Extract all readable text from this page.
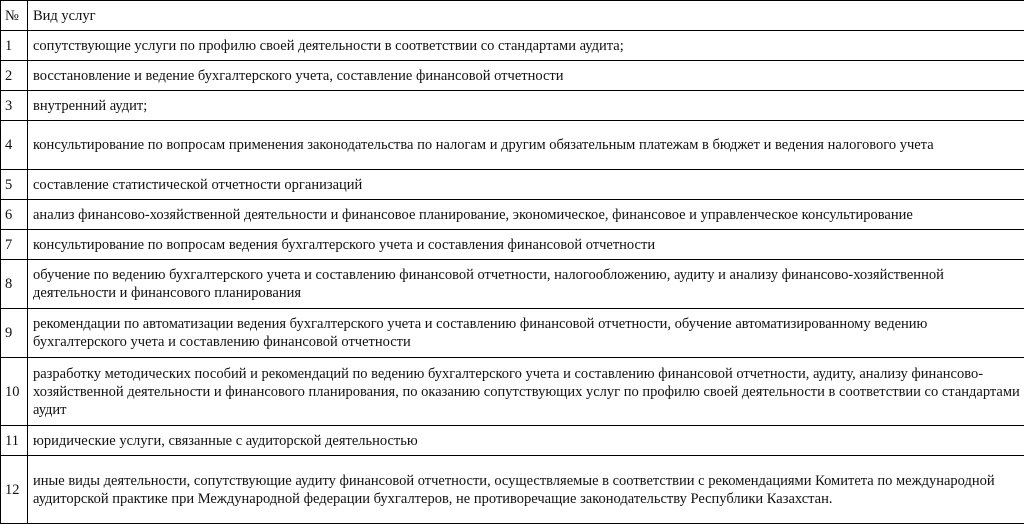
№	Вид услуг
1	сопутствующие услуги по профилю своей деятельности в соответствии со стандартами аудита;
2	восстановление и ведение бухгалтерского учета, составление финансовой отчетности
3	внутренний аудит;
4	консультирование по вопросам применения законодательства по налогам и другим обязательным платежам в бюджет и ведения налогового учета
5	составление статистической отчетности организаций
6	анализ финансово-хозяйственной деятельности и финансовое планирование, экономическое, финансовое и управленческое консультирование
7	консультирование по вопросам ведения бухгалтерского учета и составления финансовой отчетности
8	обучение по ведению бухгалтерского учета и составлению финансовой отчетности, налогообложению, аудиту и анализу финансово-хозяйственной деятельности и финансового планирования
9	рекомендации по автоматизации ведения бухгалтерского учета и составлению финансовой отчетности, обучение автоматизированному ведению бухгалтерского учета и составлению финансовой отчетности
10	разработку методических пособий и рекомендаций по ведению бухгалтерского учета и составлению финансовой отчетности, аудиту, анализу финансово-хозяйственной деятельности и финансового планирования, по оказанию сопутствующих услуг по профилю своей деятельности в соответствии со стандартами аудит
11	юридические услуги, связанные с аудиторской деятельностью
12	иные виды деятельности, сопутствующие аудиту финансовой отчетности, осуществляемые в соответствии с рекомендациями Комитета по международной аудиторской практике при Международной федерации бухгалтеров, не противоречащие законодательству Республики Казахстан.
